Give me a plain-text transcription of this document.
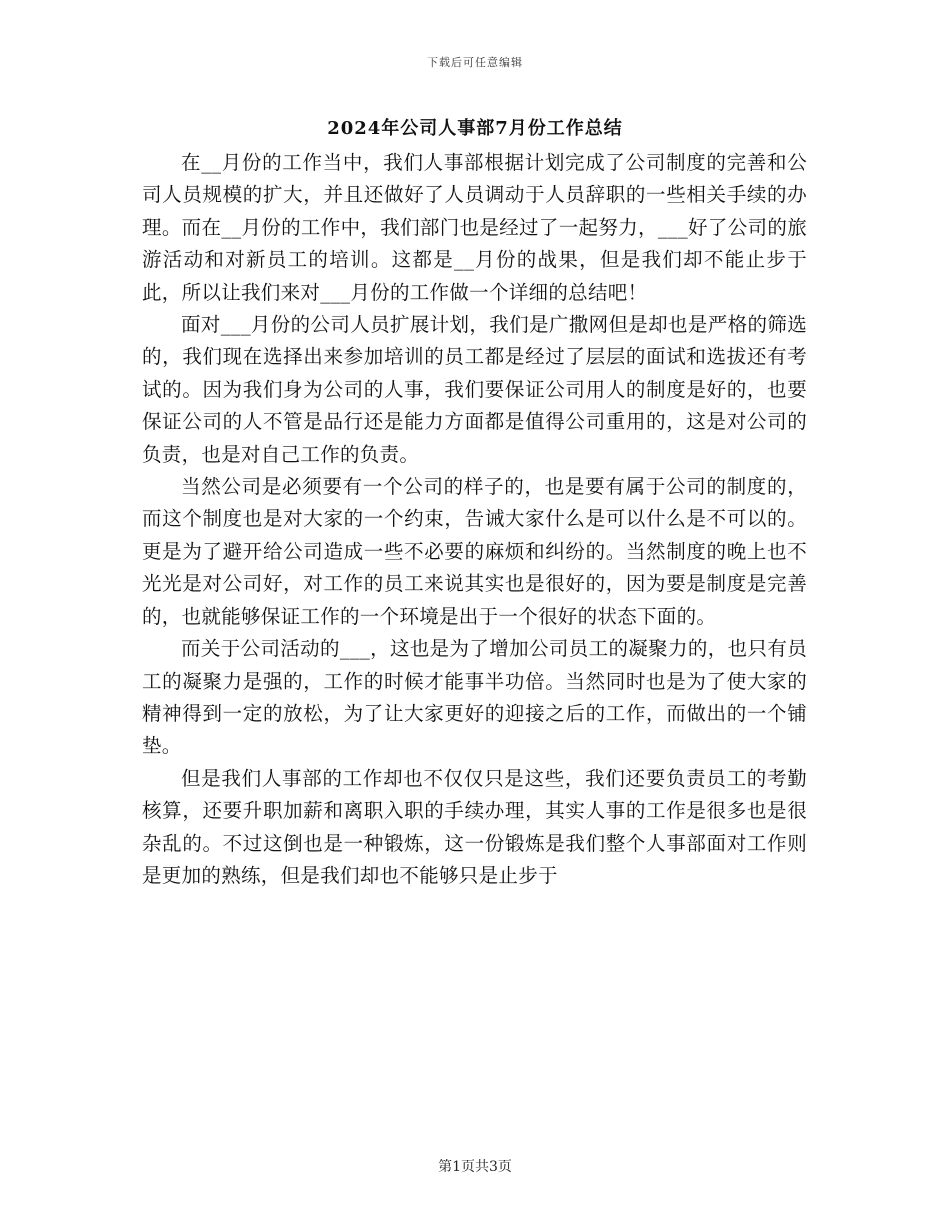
下载后可任意编辑
2024年公司人事部7月份工作总结

在__月份的工作当中，我们人事部根据计划完成了公司制度的完善和公司人员规模的扩大，并且还做好了人员调动于人员辞职的一些相关手续的办理。而在__月份的工作中，我们部门也是经过了一起努力，___好了公司的旅游活动和对新员工的培训。这都是__月份的战果，但是我们却不能止步于此，所以让我们来对___月份的工作做一个详细的总结吧！

面对___月份的公司人员扩展计划，我们是广撒网但是却也是严格的筛选的，我们现在选择出来参加培训的员工都是经过了层层的面试和选拔还有考试的。因为我们身为公司的人事，我们要保证公司用人的制度是好的，也要保证公司的人不管是品行还是能力方面都是值得公司重用的，这是对公司的负责，也是对自己工作的负责。

当然公司是必须要有一个公司的样子的，也是要有属于公司的制度的，而这个制度也是对大家的一个约束，告诫大家什么是可以什么是不可以的。更是为了避开给公司造成一些不必要的麻烦和纠纷的。当然制度的晚上也不光光是对公司好，对工作的员工来说其实也是很好的，因为要是制度是完善的，也就能够保证工作的一个环境是出于一个很好的状态下面的。

而关于公司活动的___，这也是为了增加公司员工的凝聚力的，也只有员工的凝聚力是强的，工作的时候才能事半功倍。当然同时也是为了使大家的精神得到一定的放松，为了让大家更好的迎接之后的工作，而做出的一个铺垫。

但是我们人事部的工作却也不仅仅只是这些，我们还要负责员工的考勤核算，还要升职加薪和离职入职的手续办理，其实人事的工作是很多也是很杂乱的。不过这倒也是一种锻炼，这一份锻炼是我们整个人事部面对工作则是更加的熟练，但是我们却也不能够只是止步于

第1页共3页
